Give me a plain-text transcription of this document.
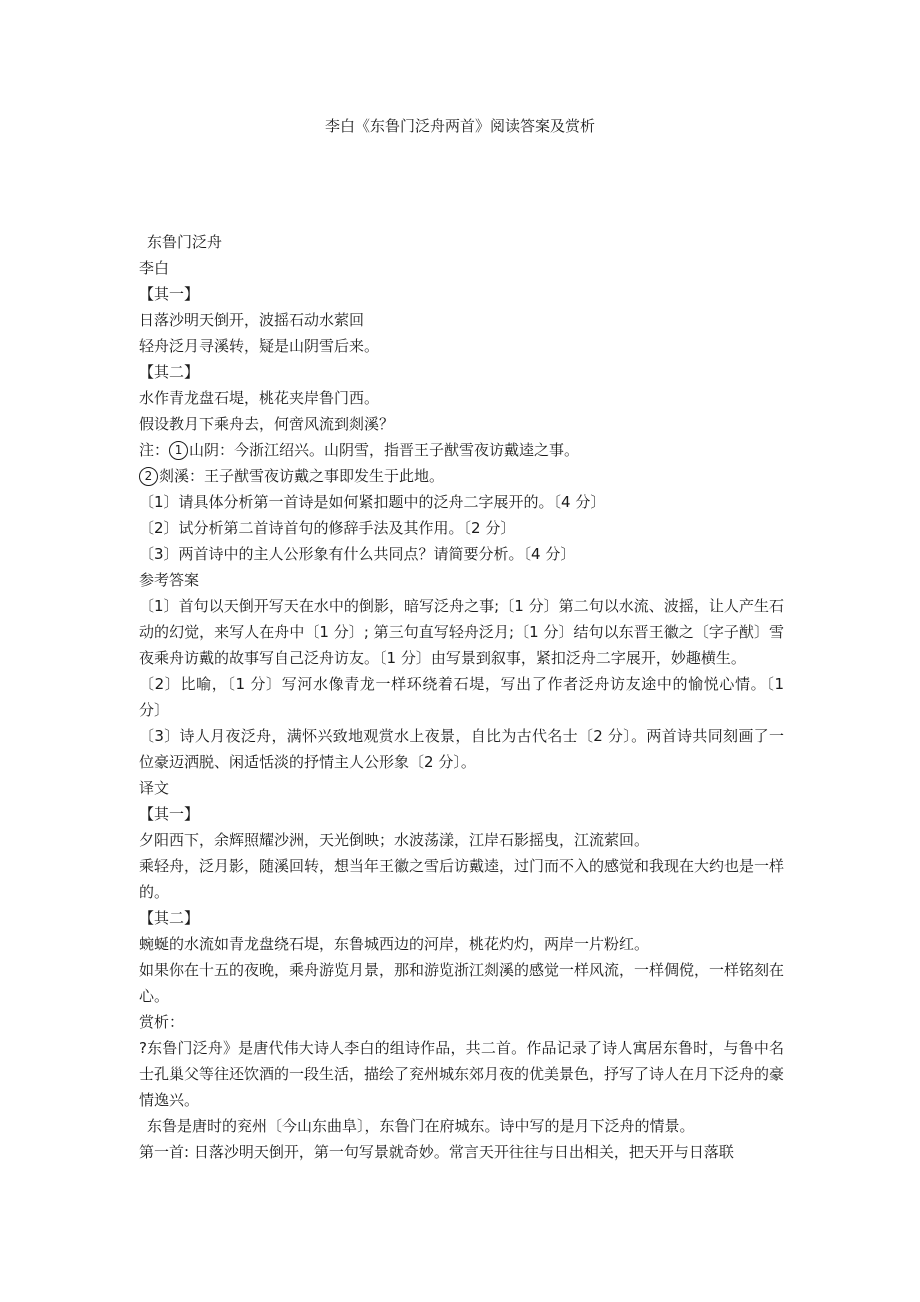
李白《东鲁门泛舟两首》阅读答案及赏析

东鲁门泛舟

李白

【其一】

日落沙明天倒开，波摇石动水萦回

轻舟泛月寻溪转，疑是山阴雪后来。

【其二】

水作青龙盘石堤，桃花夹岸鲁门西。

假设教月下乘舟去，何啻风流到剡溪？

注： 1 山阴：今浙江绍兴。山阴雪，指晋王子猷雪夜访戴逵之事。

2 剡溪：王子猷雪夜访戴之事即发生于此地。

〔1〕请具体分析第一首诗是如何紧扣题中的泛舟二字展开的。〔4 分〕

〔2〕试分析第二首诗首句的修辞手法及其作用。〔2 分〕

〔3〕两首诗中的主人公形象有什么共同点？请简要分析。〔4 分〕

参考答案

〔1〕首句以天倒开写天在水中的倒影，暗写泛舟之事;〔1 分〕第二句以水流、波摇，让人产生石动的幻觉，来写人在舟中〔1 分〕; 第三句直写轻舟泛月;〔1 分〕结句以东晋王徽之〔字子猷〕雪夜乘舟访戴的故事写自己泛舟访友。〔1 分〕由写景到叙事，紧扣泛舟二字展开，妙趣横生。

〔2〕比喻，〔1 分〕写河水像青龙一样环绕着石堤，写出了作者泛舟访友途中的愉悦心情。〔1 分〕

〔3〕诗人月夜泛舟，满怀兴致地观赏水上夜景，自比为古代名士〔2 分〕。两首诗共同刻画了一位豪迈洒脱、闲适恬淡的抒情主人公形象〔2 分〕。

译文

【其一】

夕阳西下，余辉照耀沙洲，天光倒映；水波荡漾，江岸石影摇曳，江流萦回。

乘轻舟，泛月影，随溪回转，想当年王徽之雪后访戴逵，过门而不入的感觉和我现在大约也是一样的。

【其二】

蜿蜒的水流如青龙盘绕石堤，东鲁城西边的河岸，桃花灼灼，两岸一片粉红。

如果你在十五的夜晚，乘舟游览月景，那和游览浙江剡溪的感觉一样风流，一样倜傥，一样铭刻在心。

赏析：

?东鲁门泛舟》是唐代伟大诗人李白的组诗作品，共二首。作品记录了诗人寓居东鲁时，与鲁中名士孔巢父等往还饮酒的一段生活，描绘了兖州城东郊月夜的优美景色，抒写了诗人在月下泛舟的豪情逸兴。

东鲁是唐时的兖州〔今山东曲阜〕，东鲁门在府城东。诗中写的是月下泛舟的情景。

第一首: 日落沙明天倒开，第一句写景就奇妙。常言天开往往与日出相关，把天开与日落联
